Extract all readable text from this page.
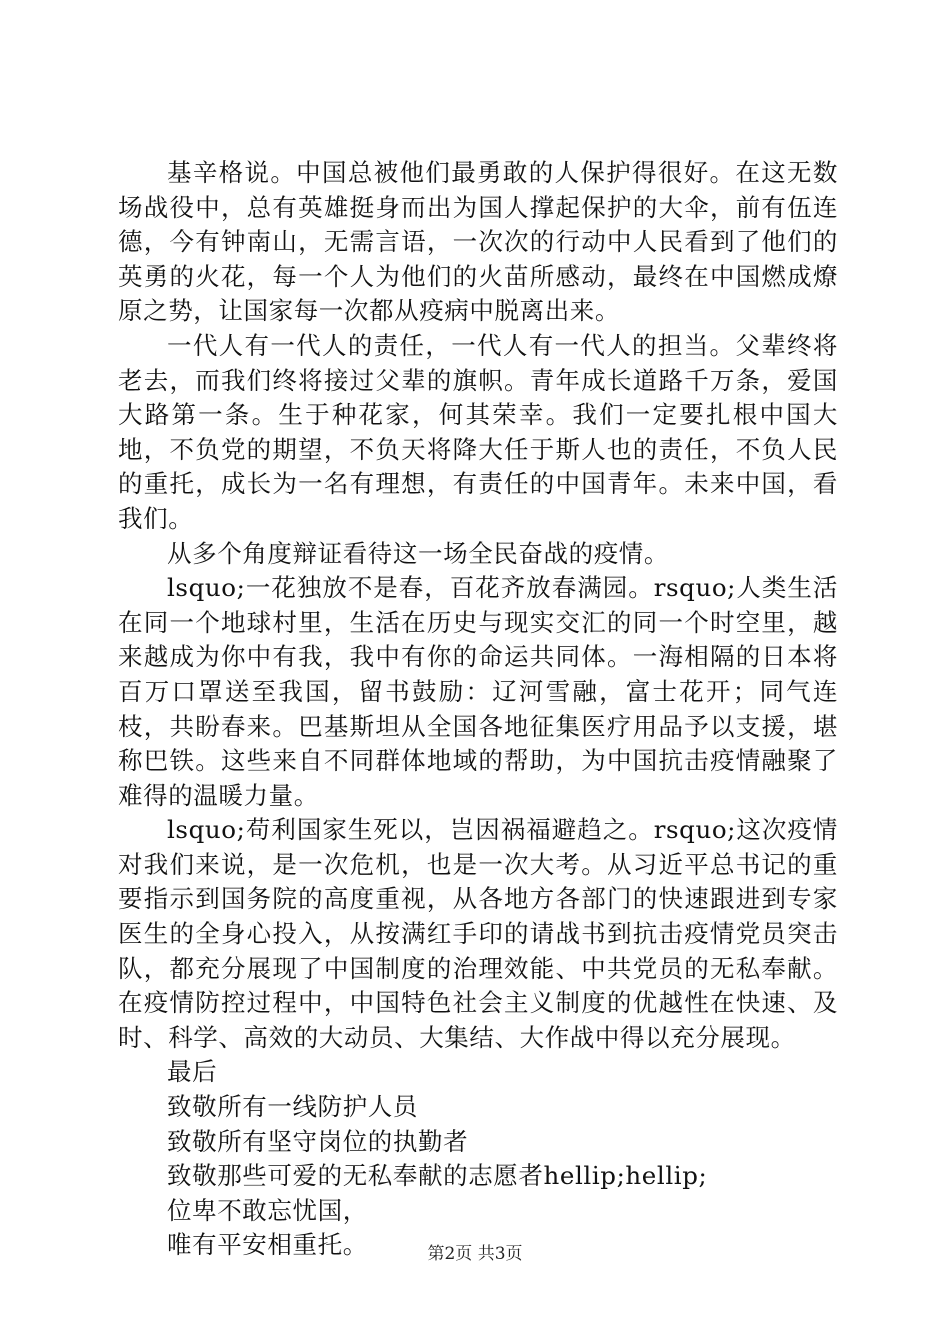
基辛格说。中国总被他们最勇敢的人保护得很好。在这无数场战役中，总有英雄挺身而出为国人撑起保护的大伞，前有伍连德，今有钟南山，无需言语，一次次的行动中人民看到了他们的英勇的火花，每一个人为他们的火苗所感动，最终在中国燃成燎原之势，让国家每一次都从疫病中脱离出来。

一代人有一代人的责任，一代人有一代人的担当。父辈终将老去，而我们终将接过父辈的旗帜。青年成长道路千万条，爱国大路第一条。生于种花家，何其荣幸。我们一定要扎根中国大地，不负党的期望，不负天将降大任于斯人也的责任，不负人民的重托，成长为一名有理想，有责任的中国青年。未来中国，看我们。

从多个角度辩证看待这一场全民奋战的疫情。

lsquo;一花独放不是春，百花齐放春满园。rsquo;人类生活在同一个地球村里，生活在历史与现实交汇的同一个时空里，越来越成为你中有我，我中有你的命运共同体。一海相隔的日本将百万口罩送至我国，留书鼓励：辽河雪融，富士花开；同气连枝，共盼春来。巴基斯坦从全国各地征集医疗用品予以支援，堪称巴铁。这些来自不同群体地域的帮助，为中国抗击疫情融聚了难得的温暖力量。

lsquo;苟利国家生死以，岂因祸福避趋之。rsquo;这次疫情对我们来说，是一次危机，也是一次大考。从习近平总书记的重要指示到国务院的高度重视，从各地方各部门的快速跟进到专家医生的全身心投入，从按满红手印的请战书到抗击疫情党员突击队，都充分展现了中国制度的治理效能、中共党员的无私奉献。在疫情防控过程中，中国特色社会主义制度的优越性在快速、及时、科学、高效的大动员、大集结、大作战中得以充分展现。

最后

致敬所有一线防护人员

致敬所有坚守岗位的执勤者

致敬那些可爱的无私奉献的志愿者hellip;hellip;

位卑不敢忘忧国，

唯有平安相重托。	第2页 共3页
